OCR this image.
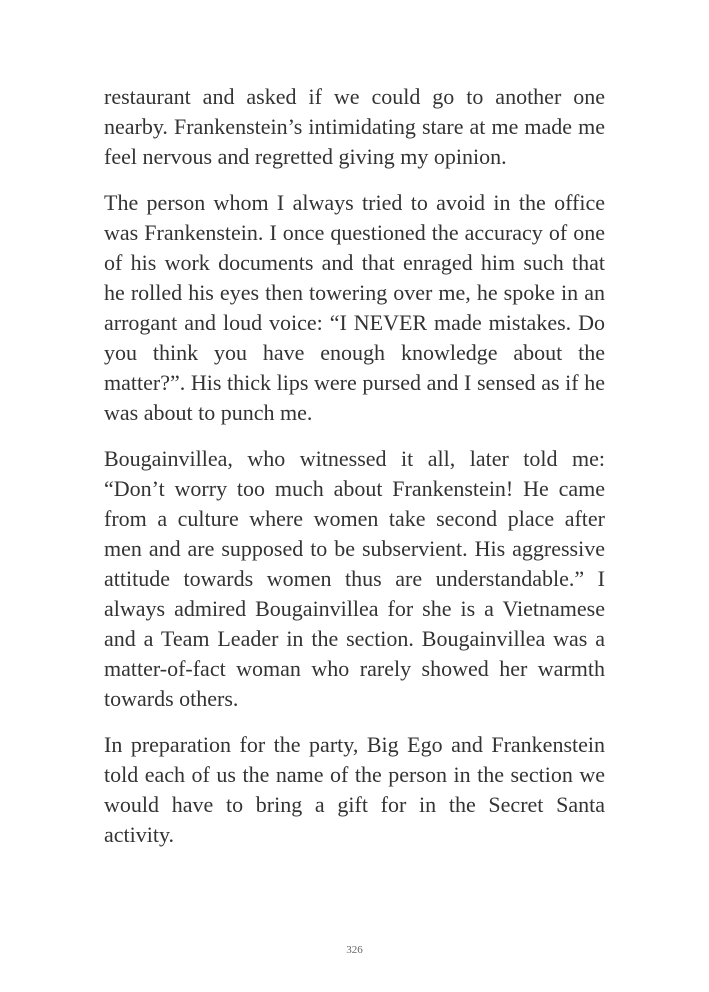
restaurant and asked if we could go to another one nearby. Frankenstein’s intimidating stare at me made me feel nervous and regretted giving my opinion.

The person whom I always tried to avoid in the office was Frankenstein. I once questioned the accuracy of one of his work documents and that enraged him such that he rolled his eyes then towering over me, he spoke in an arrogant and loud voice: “I NEVER made mistakes. Do you think you have enough knowledge about the matter?”. His thick lips were pursed and I sensed as if he was about to punch me.

Bougainvillea, who witnessed it all, later told me: “Don’t worry too much about Frankenstein! He came from a culture where women take second place after men and are supposed to be subservient. His aggressive attitude towards women thus are understandable.” I always admired Bougainvillea for she is a Vietnamese and a Team Leader in the section. Bougainvillea was a matter-of-fact woman who rarely showed her warmth towards others.

In preparation for the party, Big Ego and Frankenstein told each of us the name of the person in the section we would have to bring a gift for in the Secret Santa activity.

326
